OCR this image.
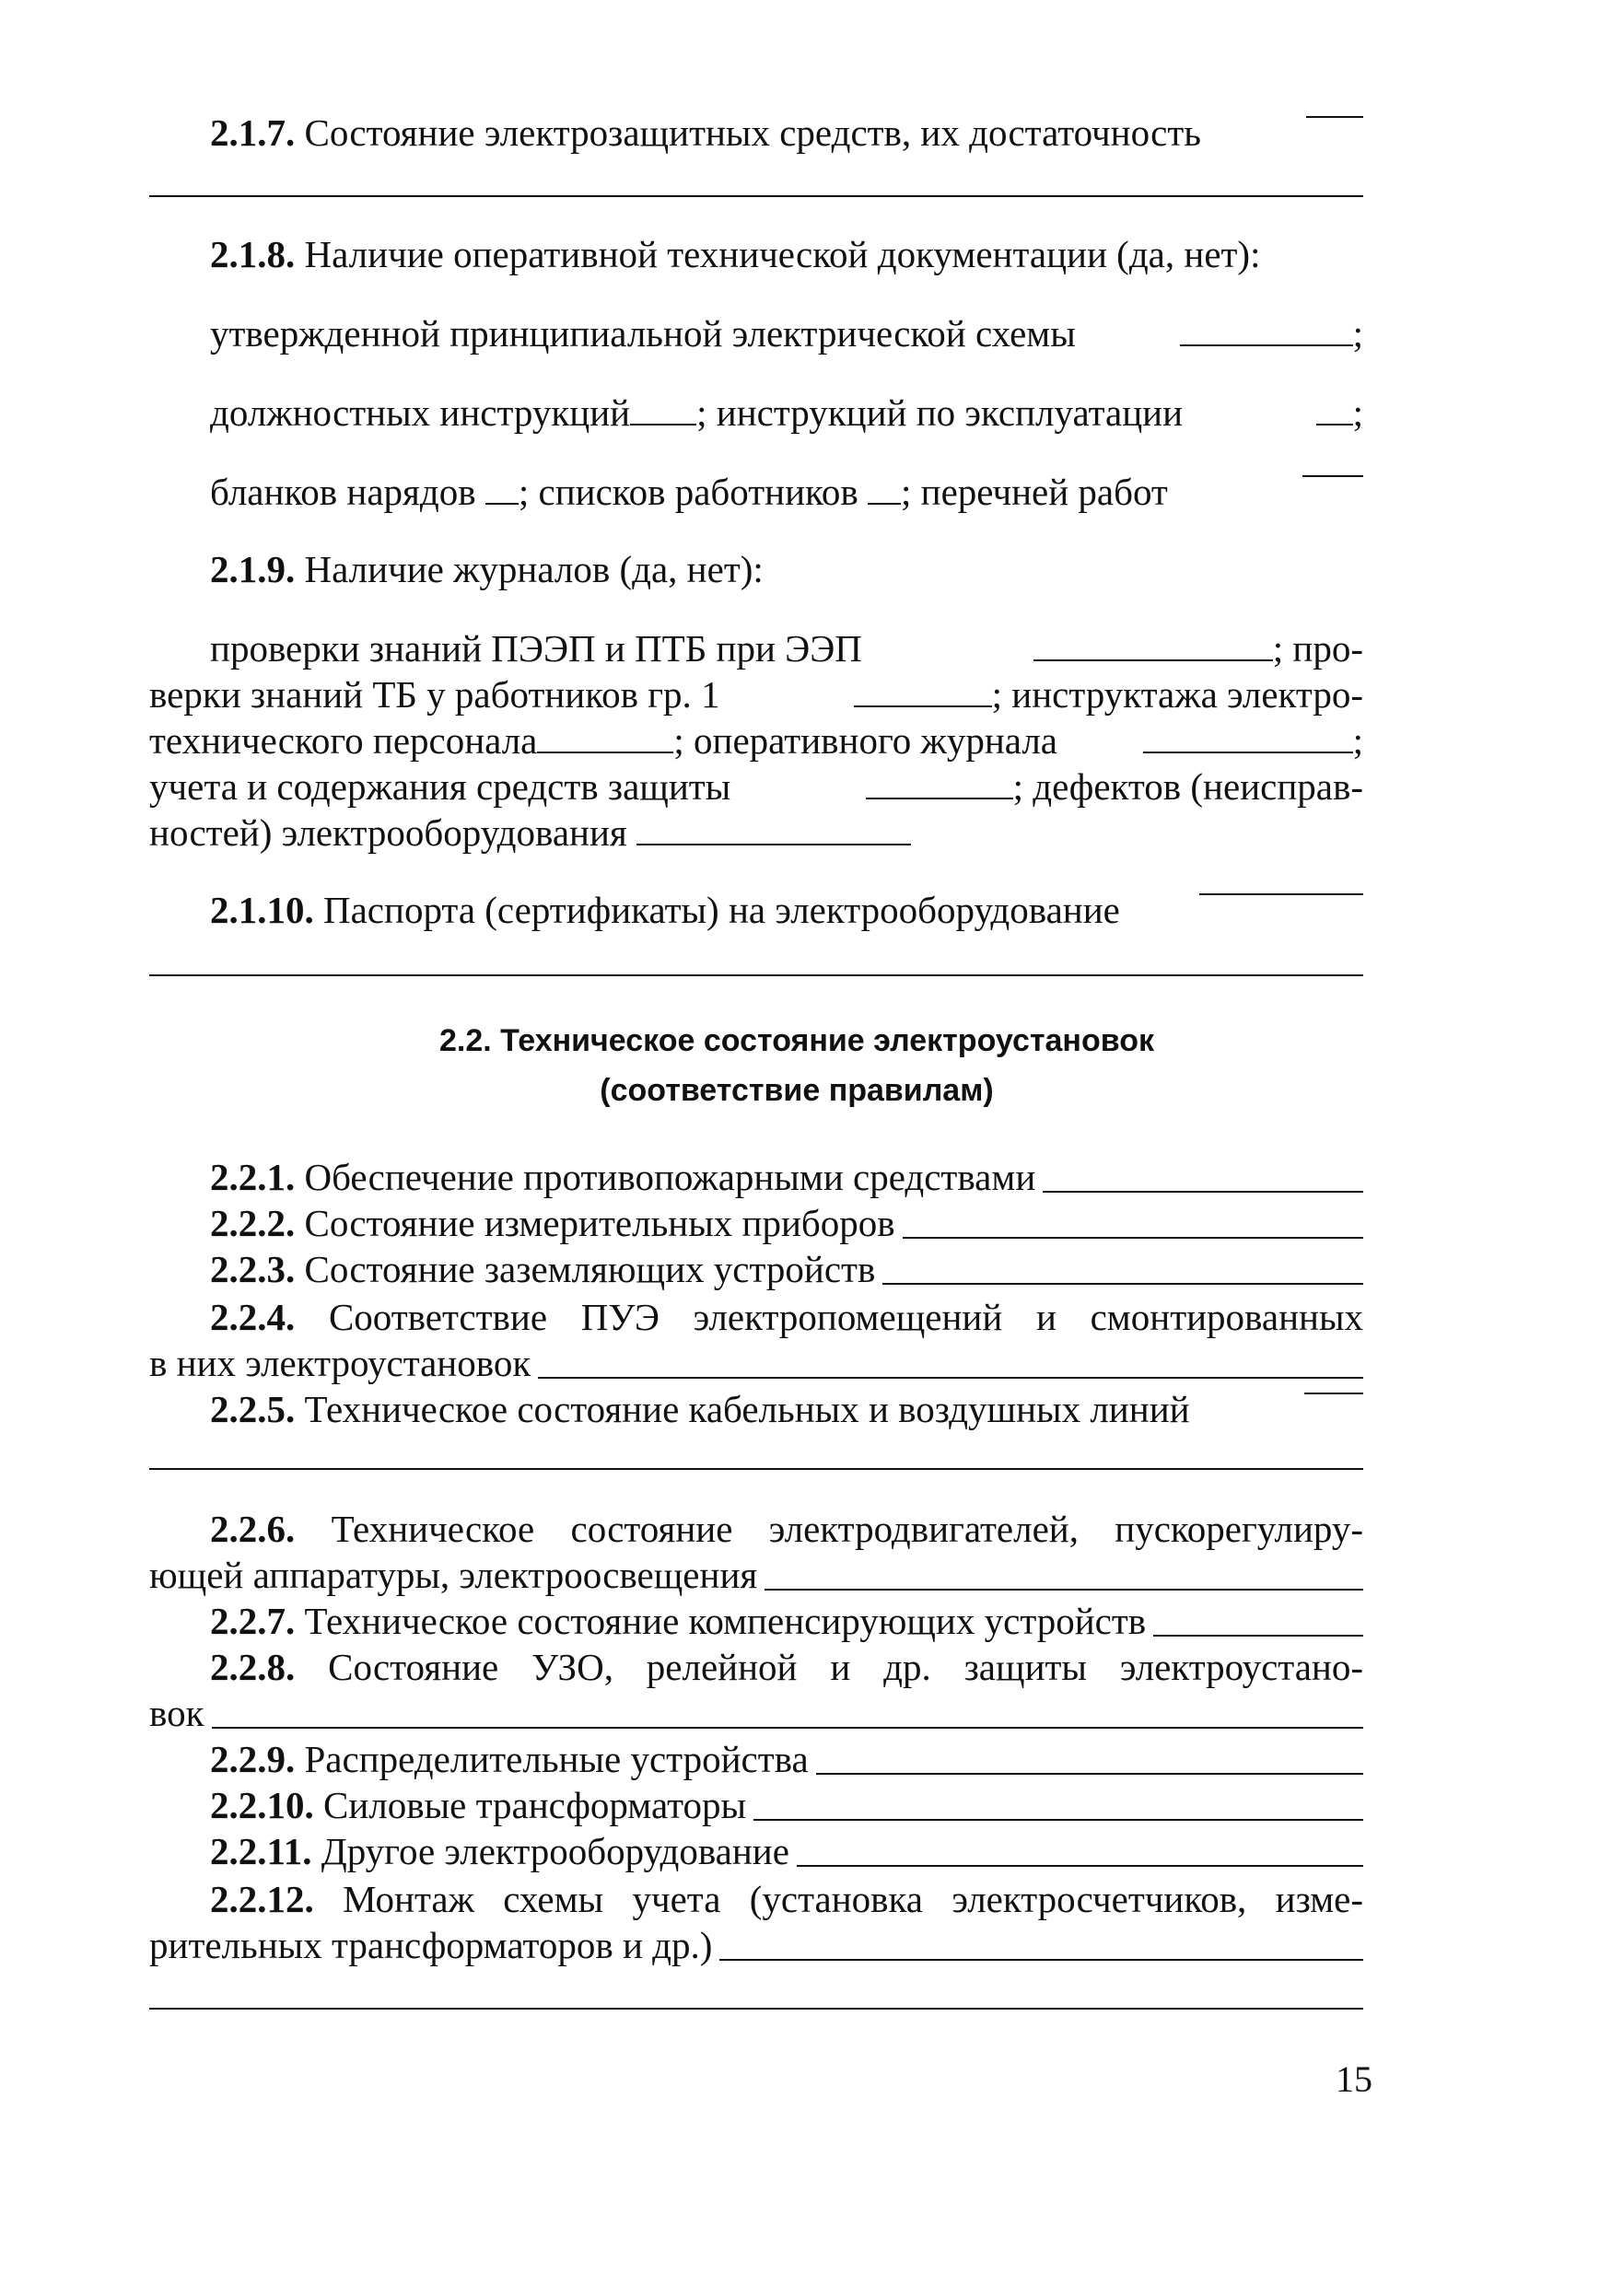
2.1.7. Состояние электрозащитных средств, их достаточность
2.1.8. Наличие оперативной технической документации (да, нет):
утвержденной принципиальной электрической схемы	;
должностных инструкций ; инструкций по эксплуатации	;
бланков нарядов ; списков работников ; перечней работ
2.1.9. Наличие журналов (да, нет):
проверки знаний ПЭЭП и ПТБ при ЭЭП	; про-
верки знаний ТБ у работников гр. 1	; инструктажа электро-
технического персонала	; оперативного журнала	;
учета и содержания средств защиты	; дефектов (неисправ-
ностей) электрооборудования
2.1.10. Паспорта (сертификаты) на электрооборудование
2.2. Техническое состояние электроустановок
(соответствие правилам)
2.2.1. Обеспечение противопожарными средствами
2.2.2. Состояние измерительных приборов
2.2.3. Состояние заземляющих устройств
2.2.4. Соответствие ПУЭ электропомещений и смонтированных
в них электроустановок
2.2.5. Техническое состояние кабельных и воздушных линий
2.2.6. Техническое состояние электродвигателей, пускорегулиру-
ющей аппаратуры, электроосвещения
2.2.7. Техническое состояние компенсирующих устройств
2.2.8. Состояние УЗО, релейной и др. защиты электроустано-
вок
2.2.9. Распределительные устройства
2.2.10. Силовые трансформаторы
2.2.11. Другое электрооборудование
2.2.12. Монтаж схемы учета (установка электросчетчиков, изме-
рительных трансформаторов и др.)
15
